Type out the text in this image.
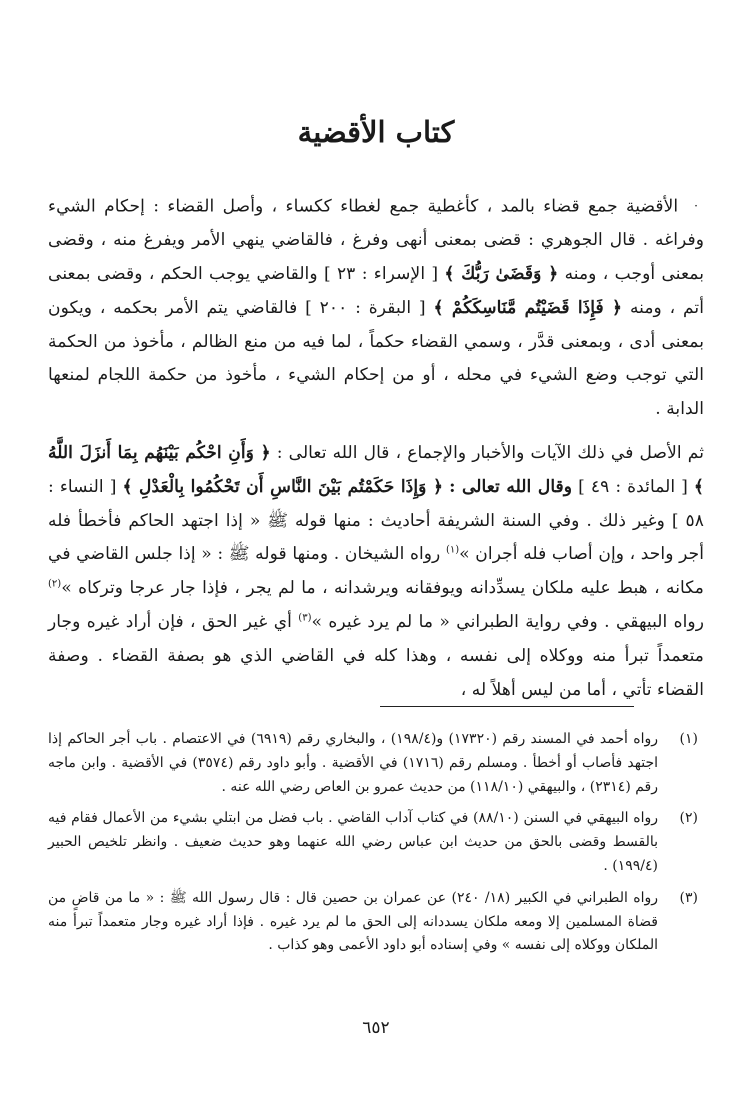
كتاب الأقضية

·الأقضية جمع قضاء بالمد ، كأغطية جمع لغطاء ككساء ، وأصل القضاء : إحكام الشيء وفراغه . قال الجوهري : قضى بمعنى أنهى وفرغ ، فالقاضي ينهي الأمر ويفرغ منه ، وقضى بمعنى أوجب ، ومنه ﴿ وَقَضَىٰ رَبُّكَ ﴾ [ الإسراء : ٢٣ ] والقاضي يوجب الحكم ، وقضى بمعنى أتم ، ومنه ﴿ فَإِذَا قَضَيْتُم مَّنَاسِكَكُمْ ﴾ [ البقرة : ٢٠٠ ] فالقاضي يتم الأمر بحكمه ، ويكون بمعنى أدى ، وبمعنى قدَّر ، وسمي القضاء حكماً ، لما فيه من منع الظالم ، مأخوذ من الحكمة التي توجب وضع الشيء في محله ، أو من إحكام الشيء ، مأخوذ من حكمة اللجام لمنعها الدابة .

ثم الأصل في ذلك الآيات والأخبار والإجماع ، قال الله تعالى : ﴿ وَأَنِ احْكُم بَيْنَهُم بِمَا أَنزَلَ اللَّهُ ﴾ [ المائدة : ٤٩ ] وقال الله تعالى : ﴿ وَإِذَا حَكَمْتُم بَيْنَ النَّاسِ أَن تَحْكُمُوا بِالْعَدْلِ ﴾ [ النساء : ٥٨ ] وغير ذلك . وفي السنة الشريفة أحاديث : منها قوله ﷺ « إذا اجتهد الحاكم فأخطأ فله أجر واحد ، وإن أصاب فله أجران »$^{(١)}$ رواه الشيخان . ومنها قوله ﷺ : « إذا جلس القاضي في مكانه ، هبط عليه ملكان يسدِّدانه ويوفقانه ويرشدانه ، ما لم يجر ، فإذا جار عرجا وتركاه »$^{(٢)}$ رواه البيهقي . وفي رواية الطبراني « ما لم يرد غيره »$^{(٣)}$ أي غير الحق ، فإن أراد غيره وجار متعمداً تبرأ منه ووكلاه إلى نفسه ، وهذا كله في القاضي الذي هو بصفة القضاء . وصفة القضاء تأتي ، أما من ليس أهلاً له ،

(١)
رواه أحمد في المسند رقم (١٧٣٢٠) و(١٩٨/٤) ، والبخاري رقم (٦٩١٩) في الاعتصام . باب أجر الحاكم إذا اجتهد فأصاب أو أخطأ . ومسلم رقم (١٧١٦) في الأقضية . وأبو داود رقم (٣٥٧٤) في الأقضية . وابن ماجه رقم (٢٣١٤) ، والبيهقي (١١٨/١٠) من حديث عمرو بن العاص رضي الله عنه .
(٢)
رواه البيهقي في السنن (٨٨/١٠) في كتاب آداب القاضي . باب فضل من ابتلي بشيء من الأعمال فقام فيه بالقسط وقضى بالحق من حديث ابن عباس رضي الله عنهما وهو حديث ضعيف . وانظر تلخيص الحبير (١٩٩/٤) .
(٣)
رواه الطبراني في الكبير (١٨/ ٢٤٠) عن عمران بن حصين قال : قال رسول الله ﷺ : « ما من قاضٍ من قضاة المسلمين إلا ومعه ملكان يسددانه إلى الحق ما لم يرد غيره . فإذا أراد غيره وجار متعمداً تبرأ منه الملكان ووكلاه إلى نفسه » وفي إسناده أبو داود الأعمى وهو كذاب .
٦٥٢
